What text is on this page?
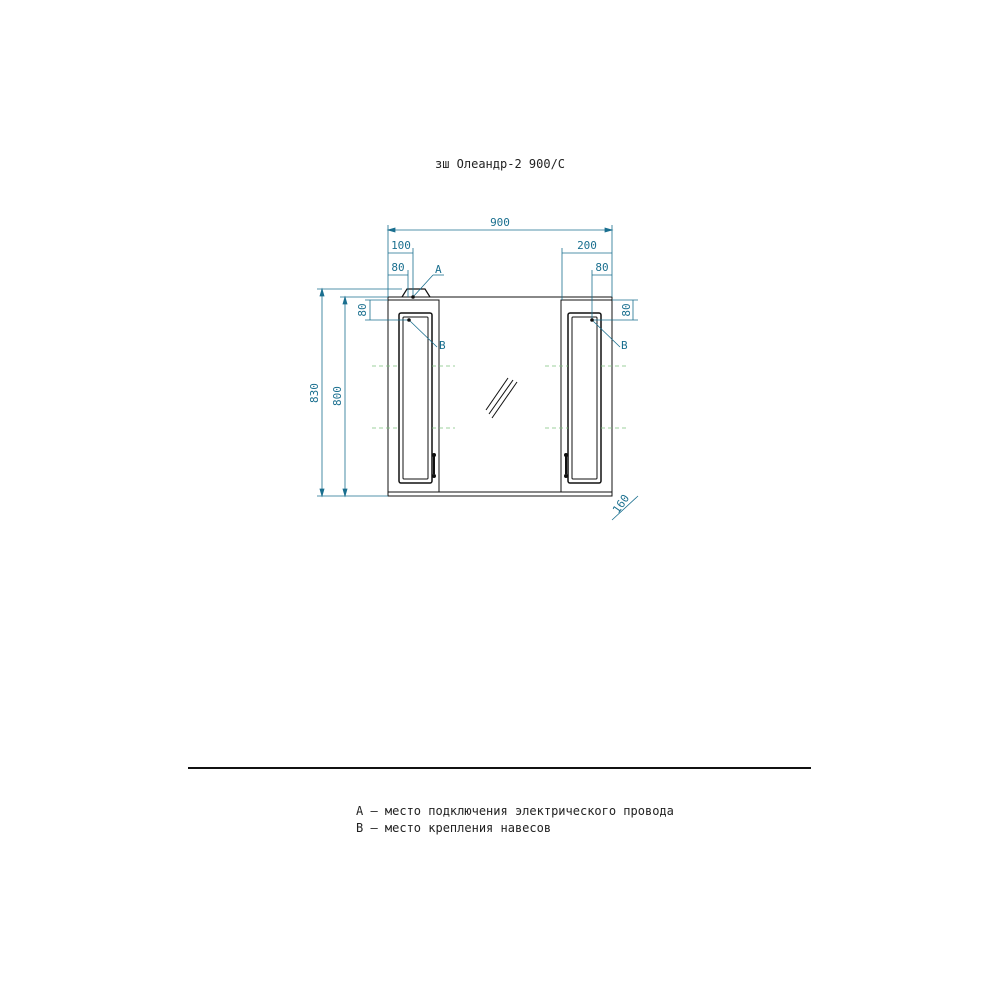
зш Олеандр-2 900/С
900
100
80
200
80
830 800
80	80
160
A
B	B
А – место подключения электрического провода
В – место крепления навесов
